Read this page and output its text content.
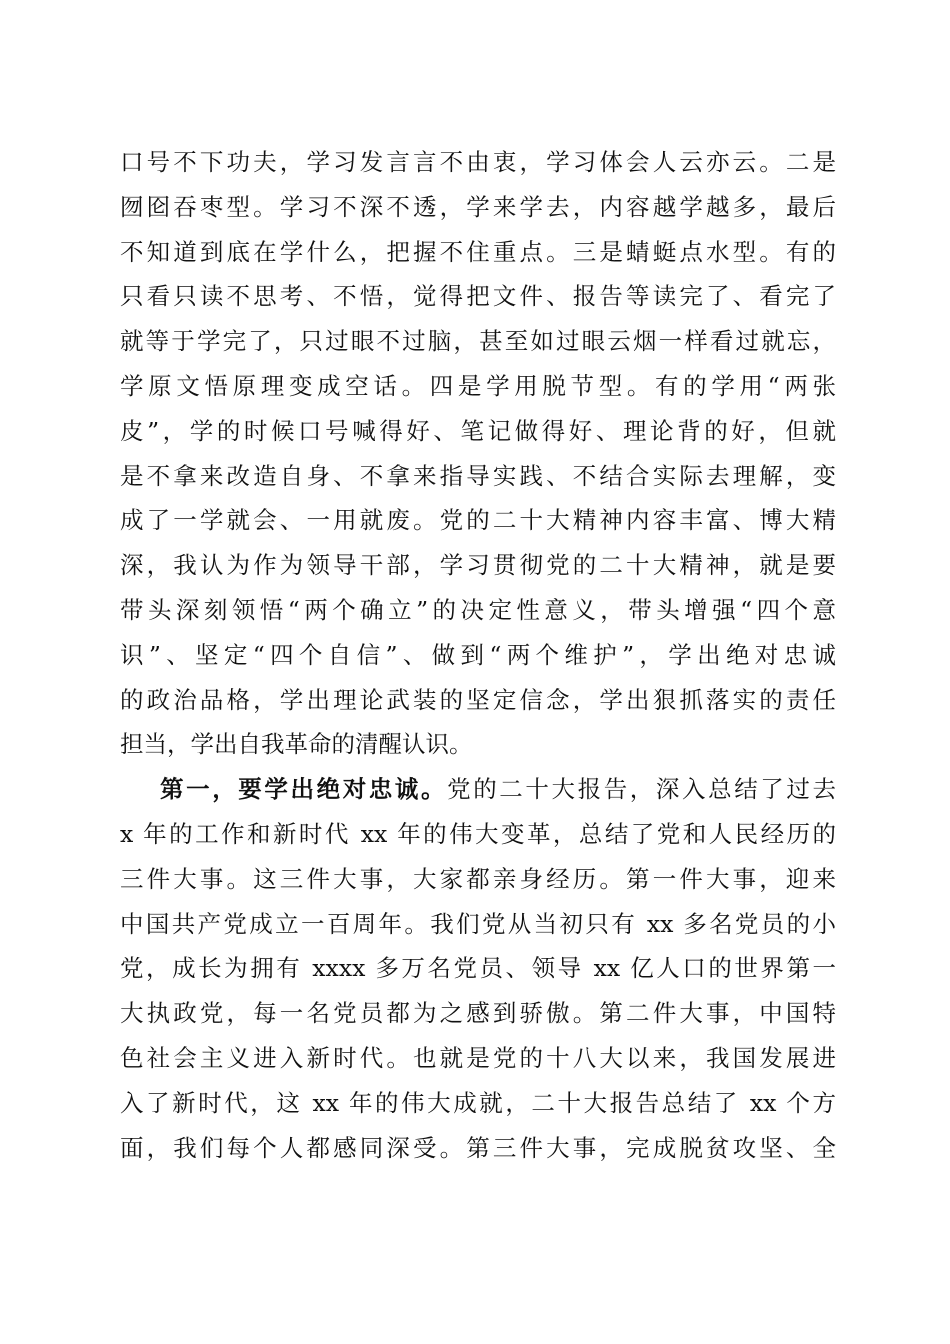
口号不下功夫，学习发言言不由衷，学习体会人云亦云。二是
囫囵吞枣型。学习不深不透，学来学去，内容越学越多，最后
不知道到底在学什么，把握不住重点。三是蜻蜓点水型。有的
只看只读不思考、不悟，觉得把文件、报告等读完了、看完了
就等于学完了，只过眼不过脑，甚至如过眼云烟一样看过就忘，
学原文悟原理变成空话。四是学用脱节型。有的学用“两张
皮”，学的时候口号喊得好、笔记做得好、理论背的好，但就
是不拿来改造自身、不拿来指导实践、不结合实际去理解，变
成了一学就会、一用就废。党的二十大精神内容丰富、博大精
深，我认为作为领导干部，学习贯彻党的二十大精神，就是要
带头深刻领悟“两个确立”的决定性意义，带头增强“四个意
识”、坚定“四个自信”、做到“两个维护”，学出绝对忠诚
的政治品格，学出理论武装的坚定信念，学出狠抓落实的责任
担当，学出自我革命的清醒认识。
第一，要学出绝对忠诚。党的二十大报告，深入总结了过去
x 年的工作和新时代 xx 年的伟大变革，总结了党和人民经历的
三件大事。这三件大事，大家都亲身经历。第一件大事，迎来
中国共产党成立一百周年。我们党从当初只有 xx 多名党员的小
党，成长为拥有 xxxx 多万名党员、领导 xx 亿人口的世界第一
大执政党，每一名党员都为之感到骄傲。第二件大事，中国特
色社会主义进入新时代。也就是党的十八大以来，我国发展进
入了新时代，这 xx 年的伟大成就，二十大报告总结了 xx 个方
面，我们每个人都感同深受。第三件大事，完成脱贫攻坚、全
